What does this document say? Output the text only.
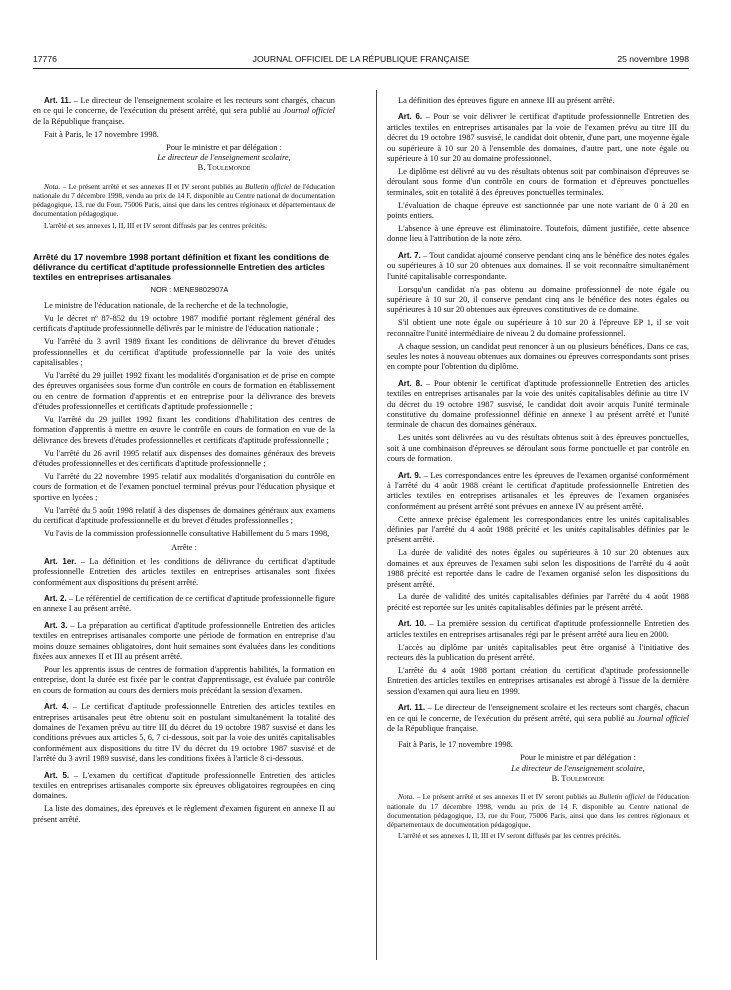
17776	JOURNAL OFFICIEL DE LA RÉPUBLIQUE FRANÇAISE	25 novembre 1998

Art. 11. – Le directeur de l'enseignement scolaire et les recteurs sont chargés, chacun en ce qui le concerne, de l'exécution du présent arrêté, qui sera publié au Journal officiel de la République française.

Fait à Paris, le 17 novembre 1998.

Pour le ministre et par délégation :

Le directeur de l'enseignement scolaire,

B. Toulemonde

Nota. – Le présent arrêté et ses annexes II et IV seront publiés au Bulletin officiel de l'éducation nationale du 7 décembre 1998, vendu au prix de 14 F, disponible au Centre national de documentation pédagogique, 13, rue du Four, 75006 Paris, ainsi que dans les centres régionaux et départementaux de documentation pédagogique.

L'arrêté et ses annexes I, II, III et IV seront diffusés par les centres précités.

Arrêté du 17 novembre 1998 portant définition et fixant les conditions de délivrance du certificat d'aptitude professionnelle Entretien des articles textiles en entreprises artisanales

NOR : MENE9802907A

Le ministre de l'éducation nationale, de la recherche et de la technologie,

Vu le décret nº 87-852 du 19 octobre 1987 modifié portant règlement général des certificats d'aptitude professionnelle délivrés par le ministre de l'éducation nationale ;

Vu l'arrêté du 3 avril 1989 fixant les conditions de délivrance du brevet d'études professionnelles et du certificat d'aptitude professionnelle par la voie des unités capitalisables ;

Vu l'arrêté du 29 juillet 1992 fixant les modalités d'organisation et de prise en compte des épreuves organisées sous forme d'un contrôle en cours de formation en établissement ou en centre de formation d'apprentis et en entreprise pour la délivrance des brevets d'études professionnelles et certificats d'aptitude professionnelle ;

Vu l'arrêté du 29 juillet 1992 fixant les conditions d'habilitation des centres de formation d'apprentis à mettre en œuvre le contrôle en cours de formation en vue de la délivrance des brevets d'études professionnelles et certificats d'aptitude professionnelle ;

Vu l'arrêté du 26 avril 1995 relatif aux dispenses des domaines généraux des brevets d'études professionnelles et des certificats d'aptitude professionnelle ;

Vu l'arrêté du 22 novembre 1995 relatif aux modalités d'organisation du contrôle en cours de formation et de l'examen ponctuel terminal prévus pour l'éducation physique et sportive en lycées ;

Vu l'arrêté du 5 août 1998 relatif à des dispenses de domaines généraux aux examens du certificat d'aptitude professionnelle et du brevet d'études professionnelles ;

Vu l'avis de la commission professionnelle consultative Habillement du 5 mars 1998,

Arrête :

Art. 1er. – La définition et les conditions de délivrance du certificat d'aptitude professionnelle Entretien des articles textiles en entreprises artisanales sont fixées conformément aux dispositions du présent arrêté.

Art. 2. – Le référentiel de certification de ce certificat d'aptitude professionnelle figure en annexe I au présent arrêté.

Art. 3. – La préparation au certificat d'aptitude professionnelle Entretien des articles textiles en entreprises artisanales comporte une période de formation en entreprise d'au moins douze semaines obligatoires, dont huit semaines sont évaluées dans les conditions fixées aux annexes II et III au présent arrêté.

Pour les apprentis issus de centres de formation d'apprentis habilités, la formation en entreprise, dont la durée est fixée par le contrat d'apprentissage, est évaluée par contrôle en cours de formation au cours des derniers mois précédant la session d'examen.

Art. 4. – Le certificat d'aptitude professionnelle Entretien des articles textiles en entreprises artisanales peut être obtenu soit en postulant simultanément la totalité des domaines de l'examen prévu au titre III du décret du 19 octobre 1987 susvisé et dans les conditions prévues aux articles 5, 6, 7 ci-dessous, soit par la voie des unités capitalisables conformément aux dispositions du titre IV du décret du 19 octobre 1987 susvisé et de l'arrêté du 3 avril 1989 susvisé, dans les conditions fixées à l'article 8 ci-dessous.

Art. 5. – L'examen du certificat d'aptitude professionnelle Entretien des articles textiles en entreprises artisanales comporte six épreuves obligatoires regroupées en cinq domaines.

La liste des domaines, des épreuves et le règlement d'examen figurent en annexe II au présent arrêté.

La définition des épreuves figure en annexe III au présent arrêté.

Art. 6. – Pour se voir délivrer le certificat d'aptitude professionnelle Entretien des articles textiles en entreprises artisanales par la voie de l'examen prévu au titre III du décret du 19 octobre 1987 susvisé, le candidat doit obtenir, d'une part, une moyenne égale ou supérieure à 10 sur 20 à l'ensemble des domaines, d'autre part, une note égale ou supérieure à 10 sur 20 au domaine professionnel.

Le diplôme est délivré au vu des résultats obtenus soit par combinaison d'épreuves se déroulant sous forme d'un contrôle en cours de formation et d'épreuves ponctuelles terminales, soit en totalité à des épreuves ponctuelles terminales.

L'évaluation de chaque épreuve est sanctionnée par une note variant de 0 à 20 en points entiers.

L'absence à une épreuve est éliminatoire. Toutefois, dûment justifiée, cette absence donne lieu à l'attribution de la note zéro.

Art. 7. – Tout candidat ajourné conserve pendant cinq ans le bénéfice des notes égales ou supérieures à 10 sur 20 obtenues aux domaines. Il se voit reconnaître simultanément l'unité capitalisable correspondante.

Lorsqu'un candidat n'a pas obtenu au domaine professionnel de note égale ou supérieure à 10 sur 20, il conserve pendant cinq ans le bénéfice des notes égales ou supérieures à 10 sur 20 obtenues aux épreuves constitutives de ce domaine.

S'il obtient une note égale ou supérieure à 10 sur 20 à l'épreuve EP 1, il se voit reconnaître l'unité intermédiaire de niveau 2 du domaine professionnel.

A chaque session, un candidat peut renoncer à un ou plusieurs bénéfices. Dans ce cas, seules les notes à nouveau obtenues aux domaines ou épreuves correspondants sont prises en compte pour l'obtention du diplôme.

Art. 8. – Pour obtenir le certificat d'aptitude professionnelle Entretien des articles textiles en entreprises artisanales par la voie des unités capitalisables définie au titre IV du décret du 19 octobre 1987 susvisé, le candidat doit avoir acquis l'unité terminale constitutive du domaine professionnel définie en annexe I au présent arrêté et l'unité terminale de chacun des domaines généraux.

Les unités sont délivrées au vu des résultats obtenus soit à des épreuves ponctuelles, soit à une combinaison d'épreuves se déroulant sous forme ponctuelle et par contrôle en cours de formation.

Art. 9. – Les correspondances entre les épreuves de l'examen organisé conformément à l'arrêté du 4 août 1988 créant le certificat d'aptitude professionnelle Entretien des articles textiles en entreprises artisanales et les épreuves de l'examen organisées conformément au présent arrêté sont prévues en annexe IV au présent arrêté.

Cette annexe précise également les correspondances entre les unités capitalisables définies par l'arrêté du 4 août 1988 précité et les unités capitalisables définies par le présent arrêté.

La durée de validité des notes égales ou supérieures à 10 sur 20 obtenues aux domaines et aux épreuves de l'examen subi selon les dispositions de l'arrêté du 4 août 1988 précité est reportée dans le cadre de l'examen organisé selon les dispositions du présent arrêté.

La durée de validité des unités capitalisables définies par l'arrêté du 4 août 1988 précité est reportée sur les unités capitalisables définies par le présent arrêté.

Art. 10. – La première session du certificat d'aptitude professionnelle Entretien des articles textiles en entreprises artisanales régi par le présent arrêté aura lieu en 2000.

L'accès au diplôme par unités capitalisables peut être organisé à l'initiative des recteurs dès la publication du présent arrêté.

L'arrêté du 4 août 1988 portant création du certificat d'aptitude professionnelle Entretien des articles textiles en entreprises artisanales est abrogé à l'issue de la dernière session d'examen qui aura lieu en 1999.

Art. 11. – Le directeur de l'enseignement scolaire et les recteurs sont chargés, chacun en ce qui le concerne, de l'exécution du présent arrêté, qui sera publié au Journal officiel de la République française.

Fait à Paris, le 17 novembre 1998.

Pour le ministre et par délégation :

Le directeur de l'enseignement scolaire,

B. Toulemonde

Nota. – Le présent arrêté et ses annexes II et IV seront publiés au Bulletin officiel de l'éducation nationale du 17 décembre 1998, vendu au prix de 14 F, disponible au Centre national de documentation pédagogique, 13, rue du Four, 75006 Paris, ainsi que dans les centres régionaux et départementaux de documentation pédagogique.

L'arrêté et ses annexes I, II, III et IV seront diffusés par les centres précités.
